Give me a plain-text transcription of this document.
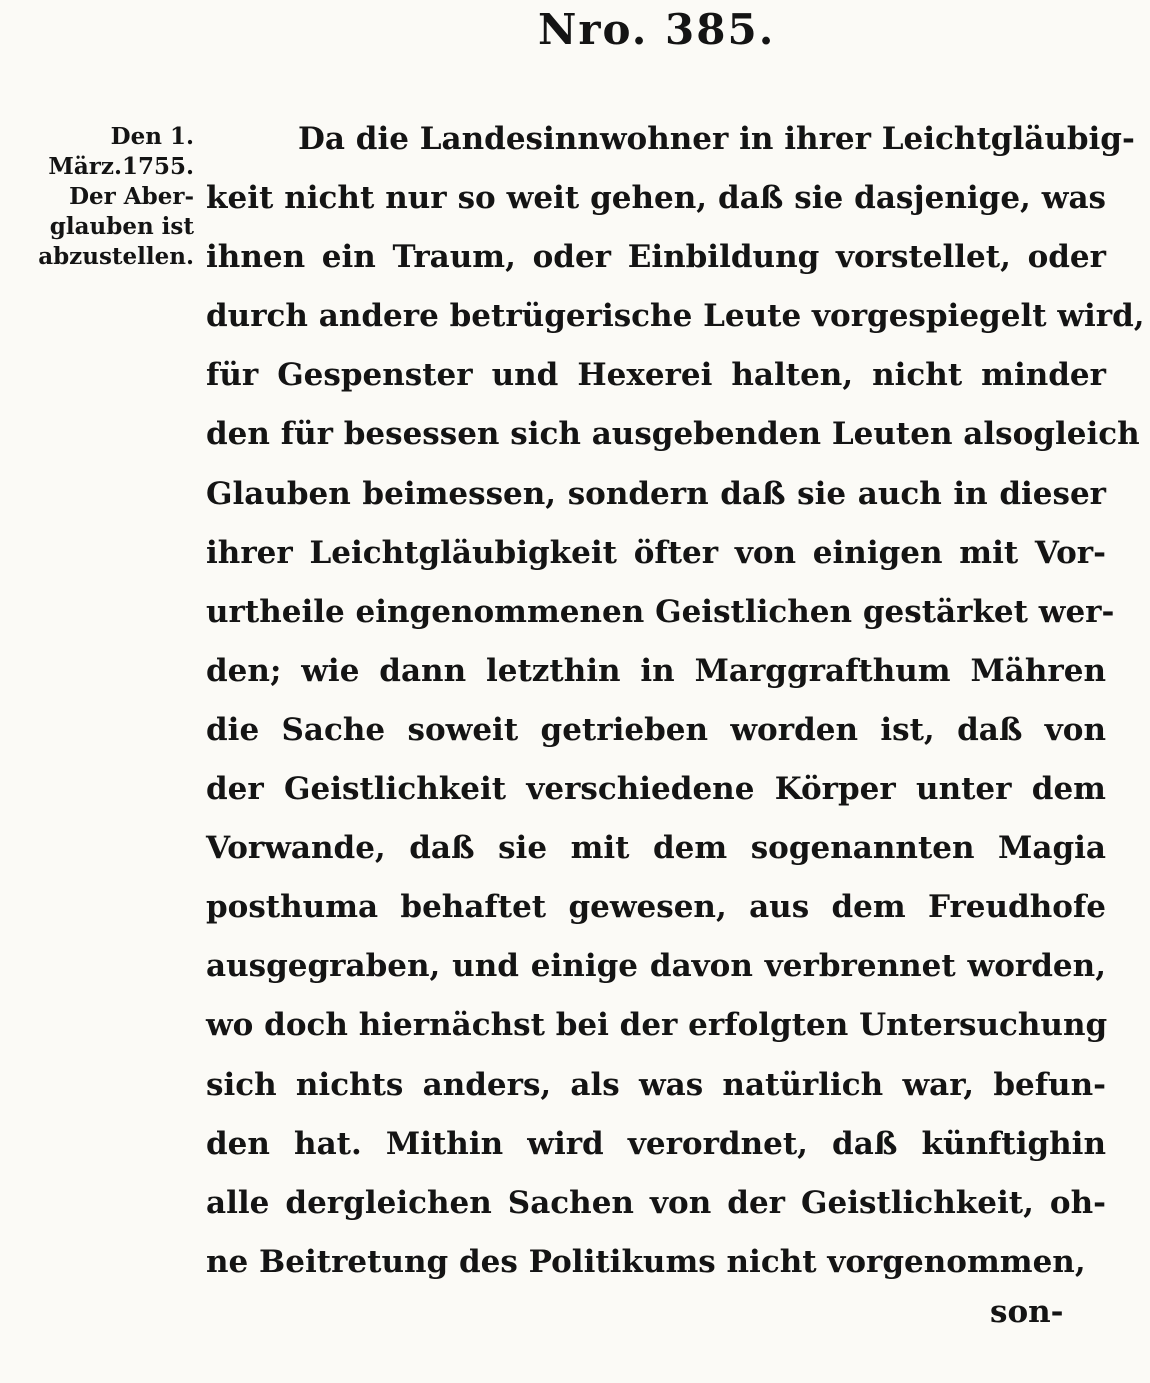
Nro. 385.
Den 1.
März.1755.
Der Aber-
glauben ist
abzustellen.
Da die Landesinnwohner in ihrer Leichtgläubig-
keit nicht nur so weit gehen, daß sie dasjenige, was
ihnen ein Traum, oder Einbildung vorstellet, oder
durch andere betrügerische Leute vorgespiegelt wird,
für Gespenster und Hexerei halten, nicht minder
den für besessen sich ausgebenden Leuten alsogleich
Glauben beimessen, sondern daß sie auch in dieser
ihrer Leichtgläubigkeit öfter von einigen mit Vor-
urtheile eingenommenen Geistlichen gestärket wer-
den; wie dann letzthin in Marggrafthum Mähren
die Sache soweit getrieben worden ist, daß von
der Geistlichkeit verschiedene Körper unter dem
Vorwande, daß sie mit dem sogenannten Magia
posthuma behaftet gewesen, aus dem Freudhofe
ausgegraben, und einige davon verbrennet worden,
wo doch hiernächst bei der erfolgten Untersuchung
sich nichts anders, als was natürlich war, befun-
den hat. Mithin wird verordnet, daß künftighin
alle dergleichen Sachen von der Geistlichkeit, oh-
ne Beitretung des Politikums nicht vorgenommen,
son-
